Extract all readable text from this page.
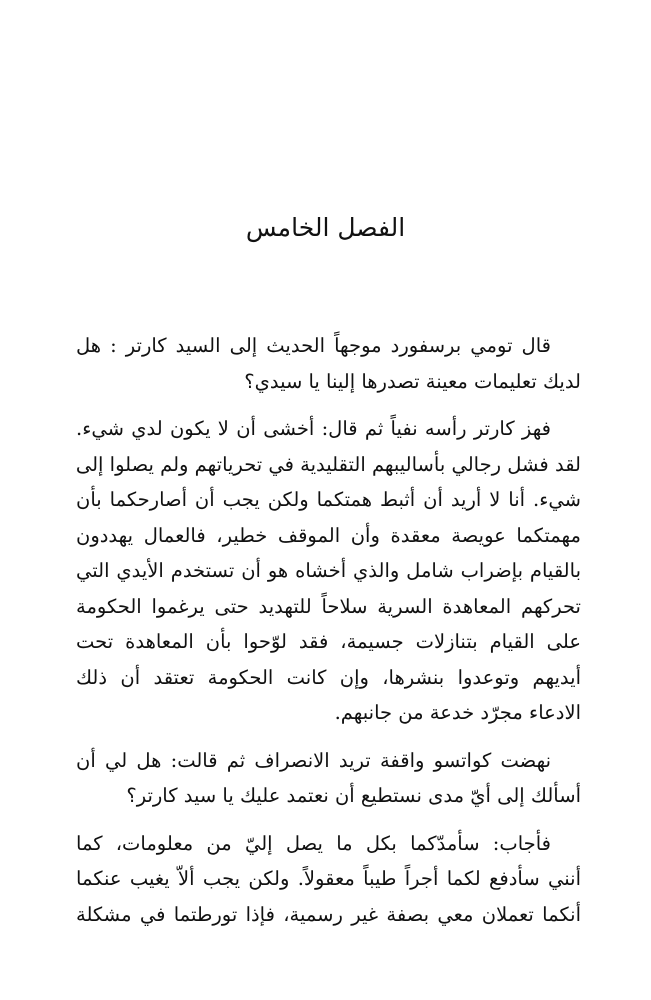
الفصل الخامس
قال تومي برسفورد موجهاً الحديث إلى السيد كارتر : هل
لديك تعليمات معينة تصدرها إلينا يا سيدي؟
فهز كارتر رأسه نفياً ثم قال: أخشى أن لا يكون لدي شيء.
لقد فشل رجالي بأساليبهم التقليدية في تحرياتهم ولم يصلوا إلى
شيء. أنا لا أريد أن أثبط همتكما ولكن يجب أن أصارحكما بأن
مهمتكما عويصة معقدة وأن الموقف خطير، فالعمال يهددون
بالقيام بإضراب شامل والذي أخشاه هو أن تستخدم الأيدي التي
تحركهم المعاهدة السرية سلاحاً للتهديد حتى يرغموا الحكومة
على القيام بتنازلات جسيمة، فقد لوّحوا بأن المعاهدة تحت
أيديهم وتوعدوا بنشرها، وإن كانت الحكومة تعتقد أن ذلك
الادعاء مجرّد خدعة من جانبهم.
نهضت كواتسو واقفة تريد الانصراف ثم قالت: هل لي أن
أسألك إلى أيّ مدى نستطيع أن نعتمد عليك يا سيد كارتر؟
فأجاب: سأمدّكما بكل ما يصل إليّ من معلومات، كما
أنني سأدفع لكما أجراً طيباً معقولاً. ولكن يجب ألاّ يغيب عنكما
أنكما تعملان معي بصفة غير رسمية، فإذا تورطتما في مشكلة
